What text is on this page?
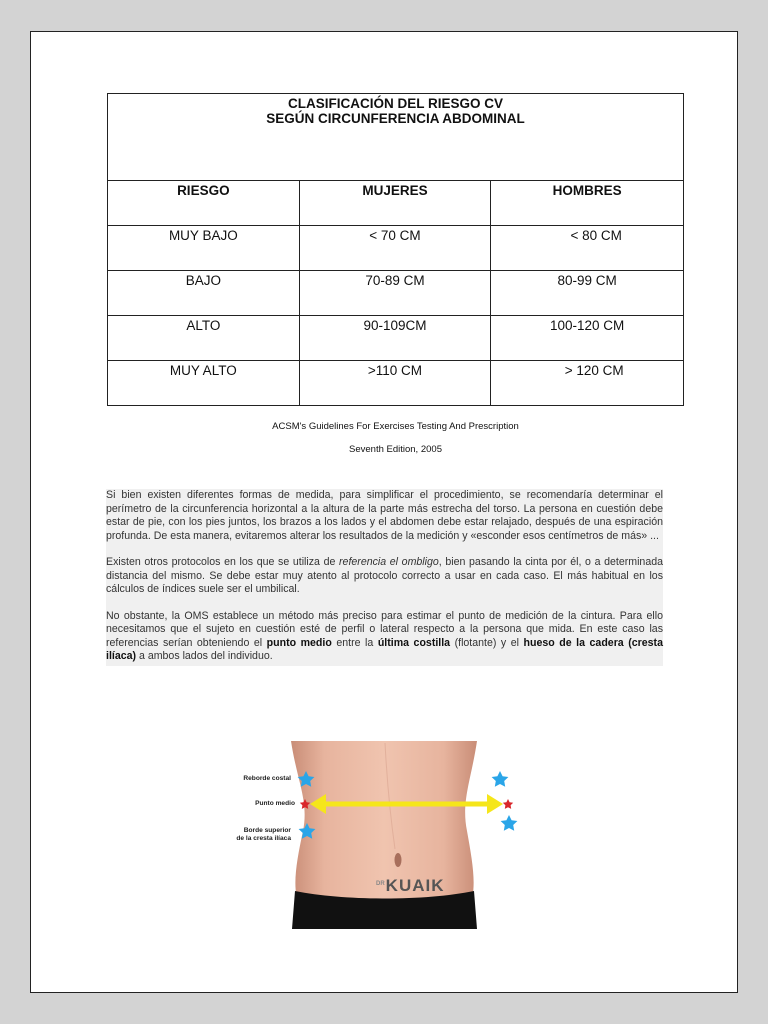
CLASIFICACIÓN DEL RIESGO CV
SEGÚN CIRCUNFERENCIA ABDOMINAL		

RIESGO	MUJERES	HOMBRES
MUY BAJO	< 70 CM	< 80 CM
BAJO	70-89 CM	80-99 CM
ALTO	90-109CM	100-120 CM
MUY ALTO	>110 CM	> 120 CM
ACSM's Guidelines For Exercises Testing And Prescription
Seventh Edition, 2005

Si bien existen diferentes formas de medida, para simplificar el procedimiento, se recomendaría determinar el perímetro de la circunferencia horizontal a la altura de la parte más estrecha del torso. La persona en cuestión debe estar de pie, con los pies juntos, los brazos a los lados y el abdomen debe estar relajado, después de una espiración profunda. De esta manera, evitaremos alterar los resultados de la medición y «esconder esos centímetros de más» ...

Existen otros protocolos en los que se utiliza de referencia el ombligo, bien pasando la cinta por él, o a determinada distancia del mismo. Se debe estar muy atento al protocolo correcto a usar en cada caso. El más habitual en los cálculos de índices suele ser el umbilical.

No obstante, la OMS establece un método más preciso para estimar el punto de medición de la cintura. Para ello necesitamos que el sujeto en cuestión esté de perfil o lateral respecto a la persona que mida. En este caso las referencias serían obteniendo el punto medio entre la última costilla (flotante) y el hueso de la cadera (cresta ilíaca) a ambos lados del individuo.

Reborde costal
Punto medio
Borde superior
de la cresta ilíaca
$^{DR}$KUAIK
